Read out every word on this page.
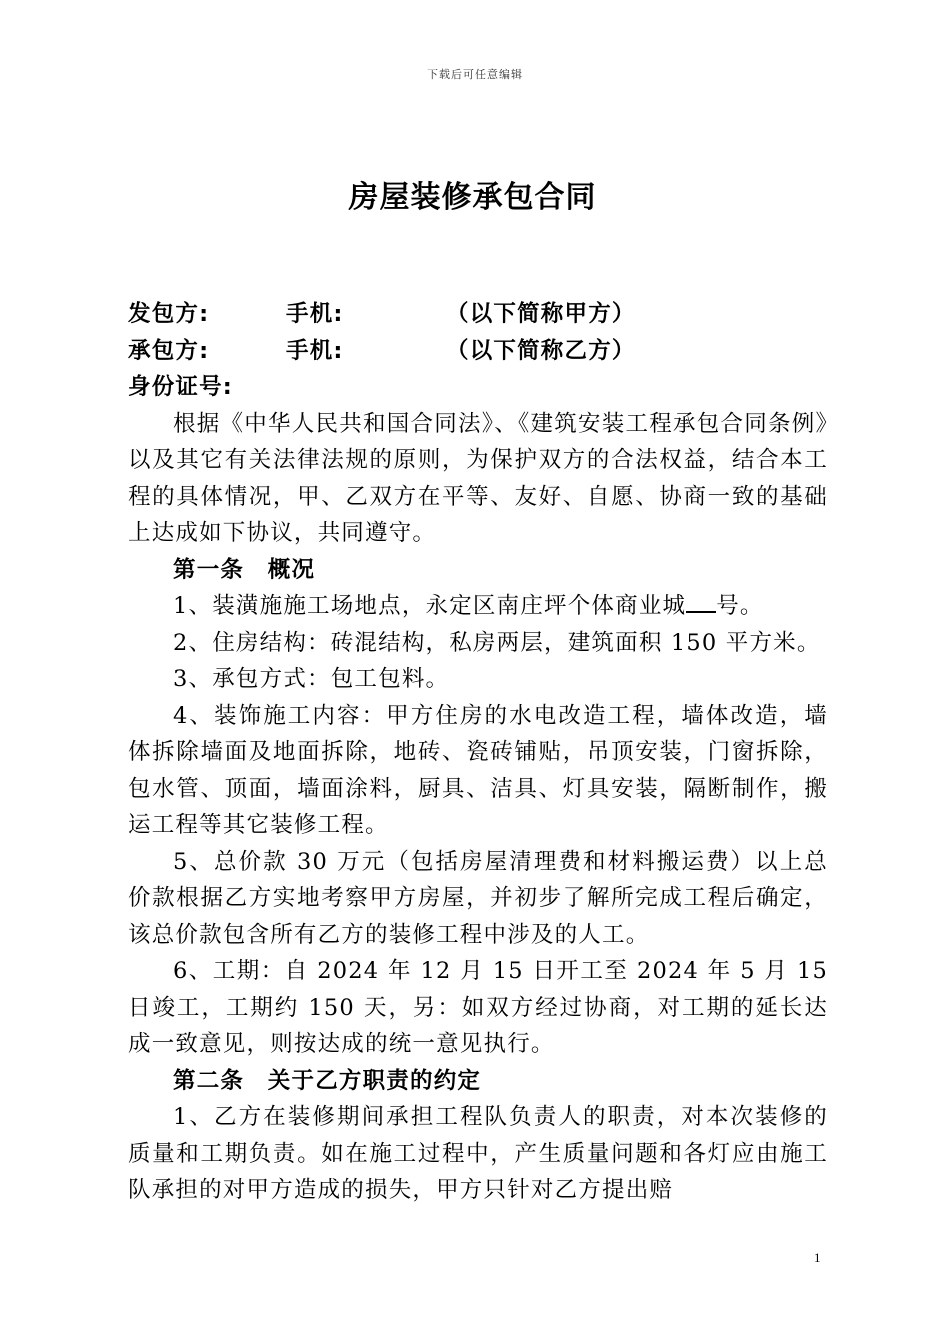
下载后可任意编辑
房屋装修承包合同
发包方:	手机:	（以下简称甲方）
承包方:	手机:	（以下简称乙方）

身份证号:

根据《中华人民共和国合同法》、《建筑安装工程承包合同条例》以及其它有关法律法规的原则，为保护双方的合法权益，结合本工程的具体情况，甲、乙双方在平等、友好、自愿、协商一致的基础上达成如下协议，共同遵守。

第一条　概况

1、装潢施施工场地点，永定区南庄坪个体商业城 号。

2、住房结构：砖混结构，私房两层，建筑面积 150 平方米。

3、承包方式：包工包料。

4、装饰施工内容：甲方住房的水电改造工程，墙体改造，墙体拆除墙面及地面拆除，地砖、瓷砖铺贴，吊顶安装，门窗拆除，包水管、顶面，墙面涂料，厨具、洁具、灯具安装，隔断制作，搬运工程等其它装修工程。

5、总价款 30 万元（包括房屋清理费和材料搬运费）以上总价款根据乙方实地考察甲方房屋，并初步了解所完成工程后确定，该总价款包含所有乙方的装修工程中涉及的人工。

6、工期：自 2024 年 12 月 15 日开工至 2024 年 5 月 15 日竣工，工期约 150 天，另：如双方经过协商，对工期的延长达成一致意见，则按达成的统一意见执行。

第二条　关于乙方职责的约定

1、乙方在装修期间承担工程队负责人的职责，对本次装修的质量和工期负责。如在施工过程中，产生质量问题和各灯应由施工队承担的对甲方造成的损失，甲方只针对乙方提出赔

1
